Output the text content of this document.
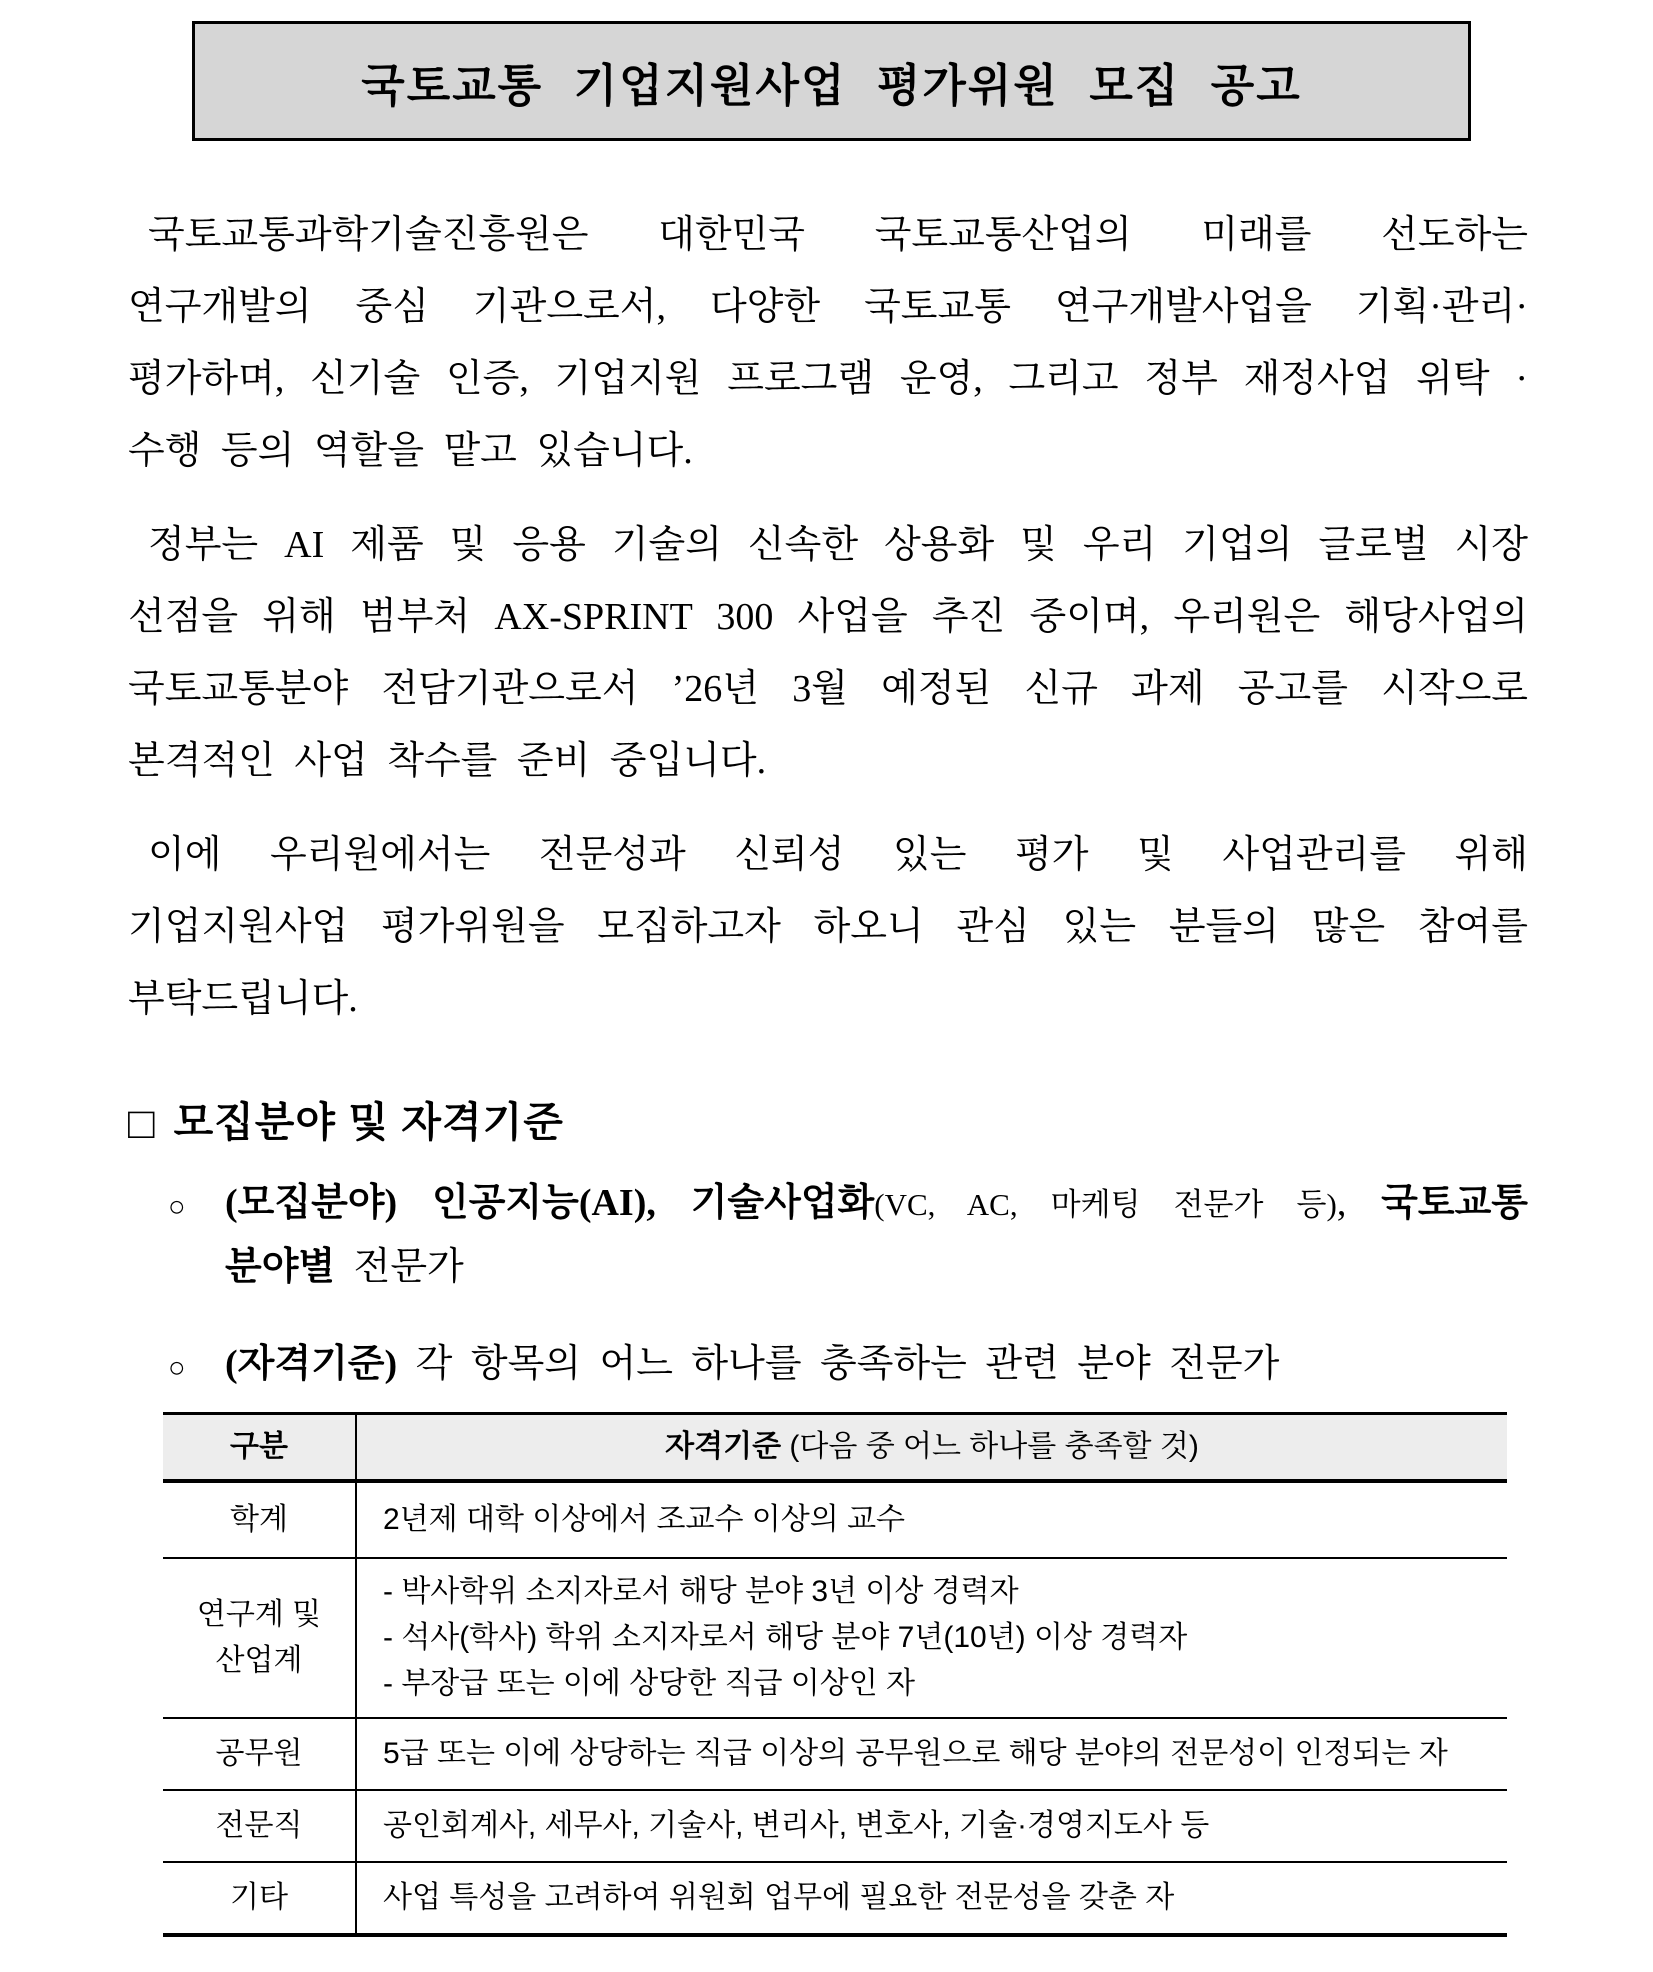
국토교통 기업지원사업 평가위원 모집 공고

국토교통과학기술진흥원은 대한민국 국토교통산업의 미래를 선도하는 연구개발의 중심 기관으로서, 다양한 국토교통 연구개발사업을 기획·관리·평가하며, 신기술 인증, 기업지원 프로그램 운영, 그리고 정부 재정사업 위탁 · 수행 등의 역할을 맡고 있습니다.

정부는 AI 제품 및 응용 기술의 신속한 상용화 및 우리 기업의 글로벌 시장 선점을 위해 범부처 AX-SPRINT 300 사업을 추진 중이며, 우리원은 해당사업의 국토교통분야 전담기관으로서 ’26년 3월 예정된 신규 과제 공고를 시작으로 본격적인 사업 착수를 준비 중입니다.

이에 우리원에서는 전문성과 신뢰성 있는 평가 및 사업관리를 위해 기업지원사업 평가위원을 모집하고자 하오니 관심 있는 분들의 많은 참여를 부탁드립니다.

□ 모집분야 및 자격기준
○ (모집분야) 인공지능(AI), 기술사업화(VC, AC, 마케팅 전문가 등), 국토교통 분야별 전문가
○ (자격기준) 각 항목의 어느 하나를 충족하는 관련 분야 전문가
구분	자격기준 (다음 중 어느 하나를 충족할 것)
학계	2년제 대학 이상에서 조교수 이상의 교수

연구계 및 산업계	- 박사학위 소지자로서 해당 분야 3년 이상 경력자
- 석사(학사) 학위 소지자로서 해당 분야 7년(10년) 이상 경력자
- 부장급 또는 이에 상당한 직급 이상인 자

공무원	5급 또는 이에 상당하는 직급 이상의 공무원으로 해당 분야의 전문성이 인정되는 자

전문직	공인회계사, 세무사, 기술사, 변리사, 변호사, 기술·경영지도사 등

기타	사업 특성을 고려하여 위원회 업무에 필요한 전문성을 갖춘 자
